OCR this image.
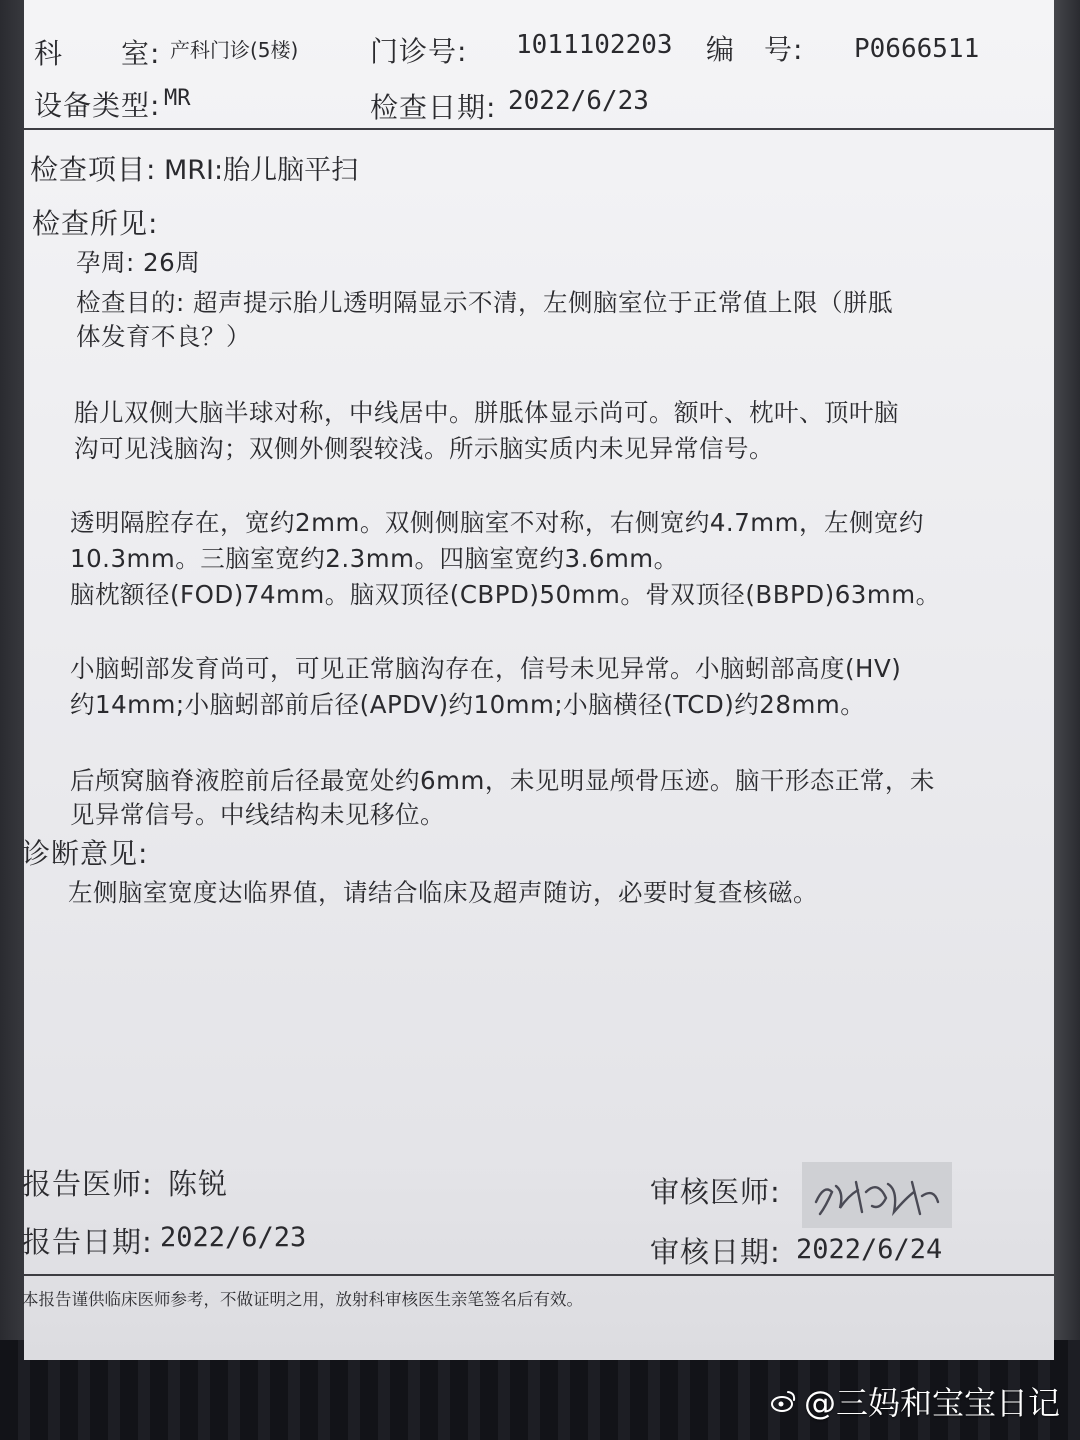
科　　室: 产科门诊(5楼)	门诊号: 1011102203 编　号: P0666511
设备类型: MR	检查日期: 2022/6/23
检查项目: MRI:胎儿脑平扫
检查所见:
孕周: 26周
检查目的: 超声提示胎儿透明隔显示不清，左侧脑室位于正常值上限（胼胝
体发育不良？）
胎儿双侧大脑半球对称，中线居中。胼胝体显示尚可。额叶、枕叶、顶叶脑
沟可见浅脑沟；双侧外侧裂较浅。所示脑实质内未见异常信号。
透明隔腔存在，宽约2mm。双侧侧脑室不对称，右侧宽约4.7mm，左侧宽约
10.3mm。三脑室宽约2.3mm。四脑室宽约3.6mm。
脑枕额径(FOD)74mm。脑双顶径(CBPD)50mm。骨双顶径(BBPD)63mm。
小脑蚓部发育尚可，可见正常脑沟存在，信号未见异常。小脑蚓部高度(HV)
约14mm;小脑蚓部前后径(APDV)约10mm;小脑横径(TCD)约28mm。
后颅窝脑脊液腔前后径最宽处约6mm，未见明显颅骨压迹。脑干形态正常，未
见异常信号。中线结构未见移位。
诊断意见:
左侧脑室宽度达临界值，请结合临床及超声随访，必要时复查核磁。
报告医师: 陈锐	审核医师:
报告日期: 2022/6/23	审核日期: 2022/6/24
本报告谨供临床医师参考，不做证明之用，放射科审核医生亲笔签名后有效。
@三妈和宝宝日记
